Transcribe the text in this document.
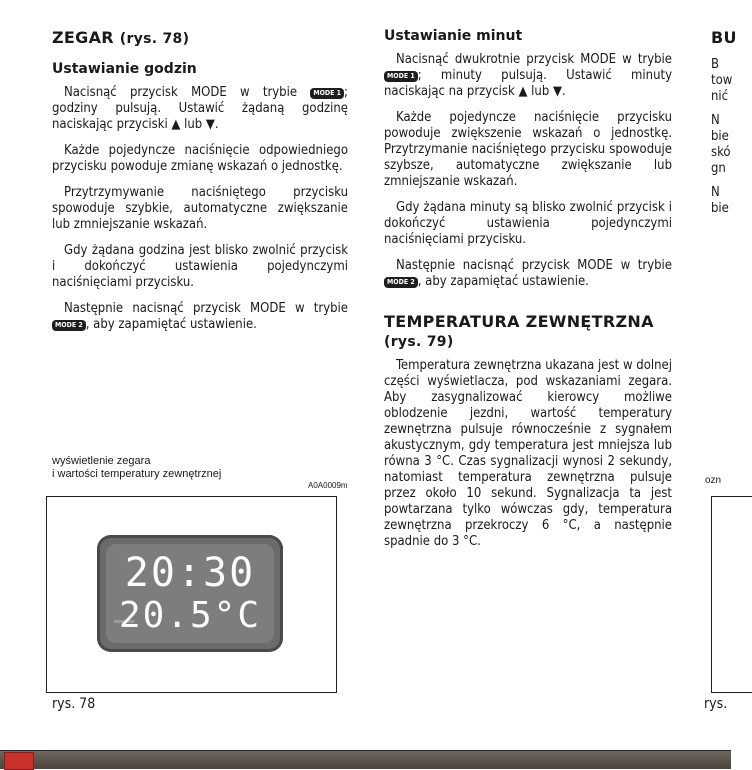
ZEGAR (rys. 78)
Ustawianie godzin

Nacisnąć przycisk MODE w trybie MODE 1 ; godziny pulsują. Ustawić żądaną godzinę naciskając przyciski ▲ lub ▼.

Każde pojedyncze naciśnięcie odpowiedniego przycisku powoduje zmianę wskazań o jednostkę.

Przytrzymywanie naciśniętego przycisku spowoduje szybkie, automatyczne zwiększanie lub zmniejszanie wskazań.

Gdy żądana godzina jest blisko zwolnić przycisk i dokończyć ustawienia pojedynczymi naciśnięciami przycisku.

Następnie nacisnąć przycisk MODE w trybie MODE 2 , aby zapamiętać ustawienie.

wyświetlenie zegara
i wartości temperatury zewnętrznej
A0A0009m
20:30
20.5°C
rys. 78
Ustawianie minut

Nacisnąć dwukrotnie przycisk MODE w trybie MODE 1 ; minuty pulsują. Ustawić minuty naciskając na przycisk ▲ lub ▼.

Każde pojedyncze naciśnięcie przycisku powoduje zwiększenie wskazań o jednostkę. Przytrzymanie naciśniętego przycisku spowoduje szybsze, automatyczne zwiększanie lub zmniejszanie wskazań.

Gdy żądana minuty są blisko zwolnić przycisk i dokończyć ustawienia pojedynczymi naciśnięciami przycisku.

Następnie nacisnąć przycisk MODE w trybie MODE 2 , aby zapamiętać ustawienie.

TEMPERATURA ZEWNĘTRZNA
(rys. 79)

Temperatura zewnętrzna ukazana jest w dolnej części wyświetlacza, pod wskazaniami zegara. Aby zasygnalizować kierowcy możliwe oblodzenie jezdni, wartość temperatury zewnętrzna pulsuje równocześnie z sygnałem akustycznym, gdy temperatura jest mniejsza lub równa 3 °C. Czas sygnalizacji wynosi 2 sekundy, natomiast temperatura zewnętrzna pulsuje przez około 10 sekund. Sygnalizacja ta jest powtarzana tylko wówczas gdy, temperatura zewnętrzna przekroczy 6 °C, a następnie spadnie do 3 °C.

BU
B
tow
nić
N
bie
skó
gn
N
bie
ozn
rys.
